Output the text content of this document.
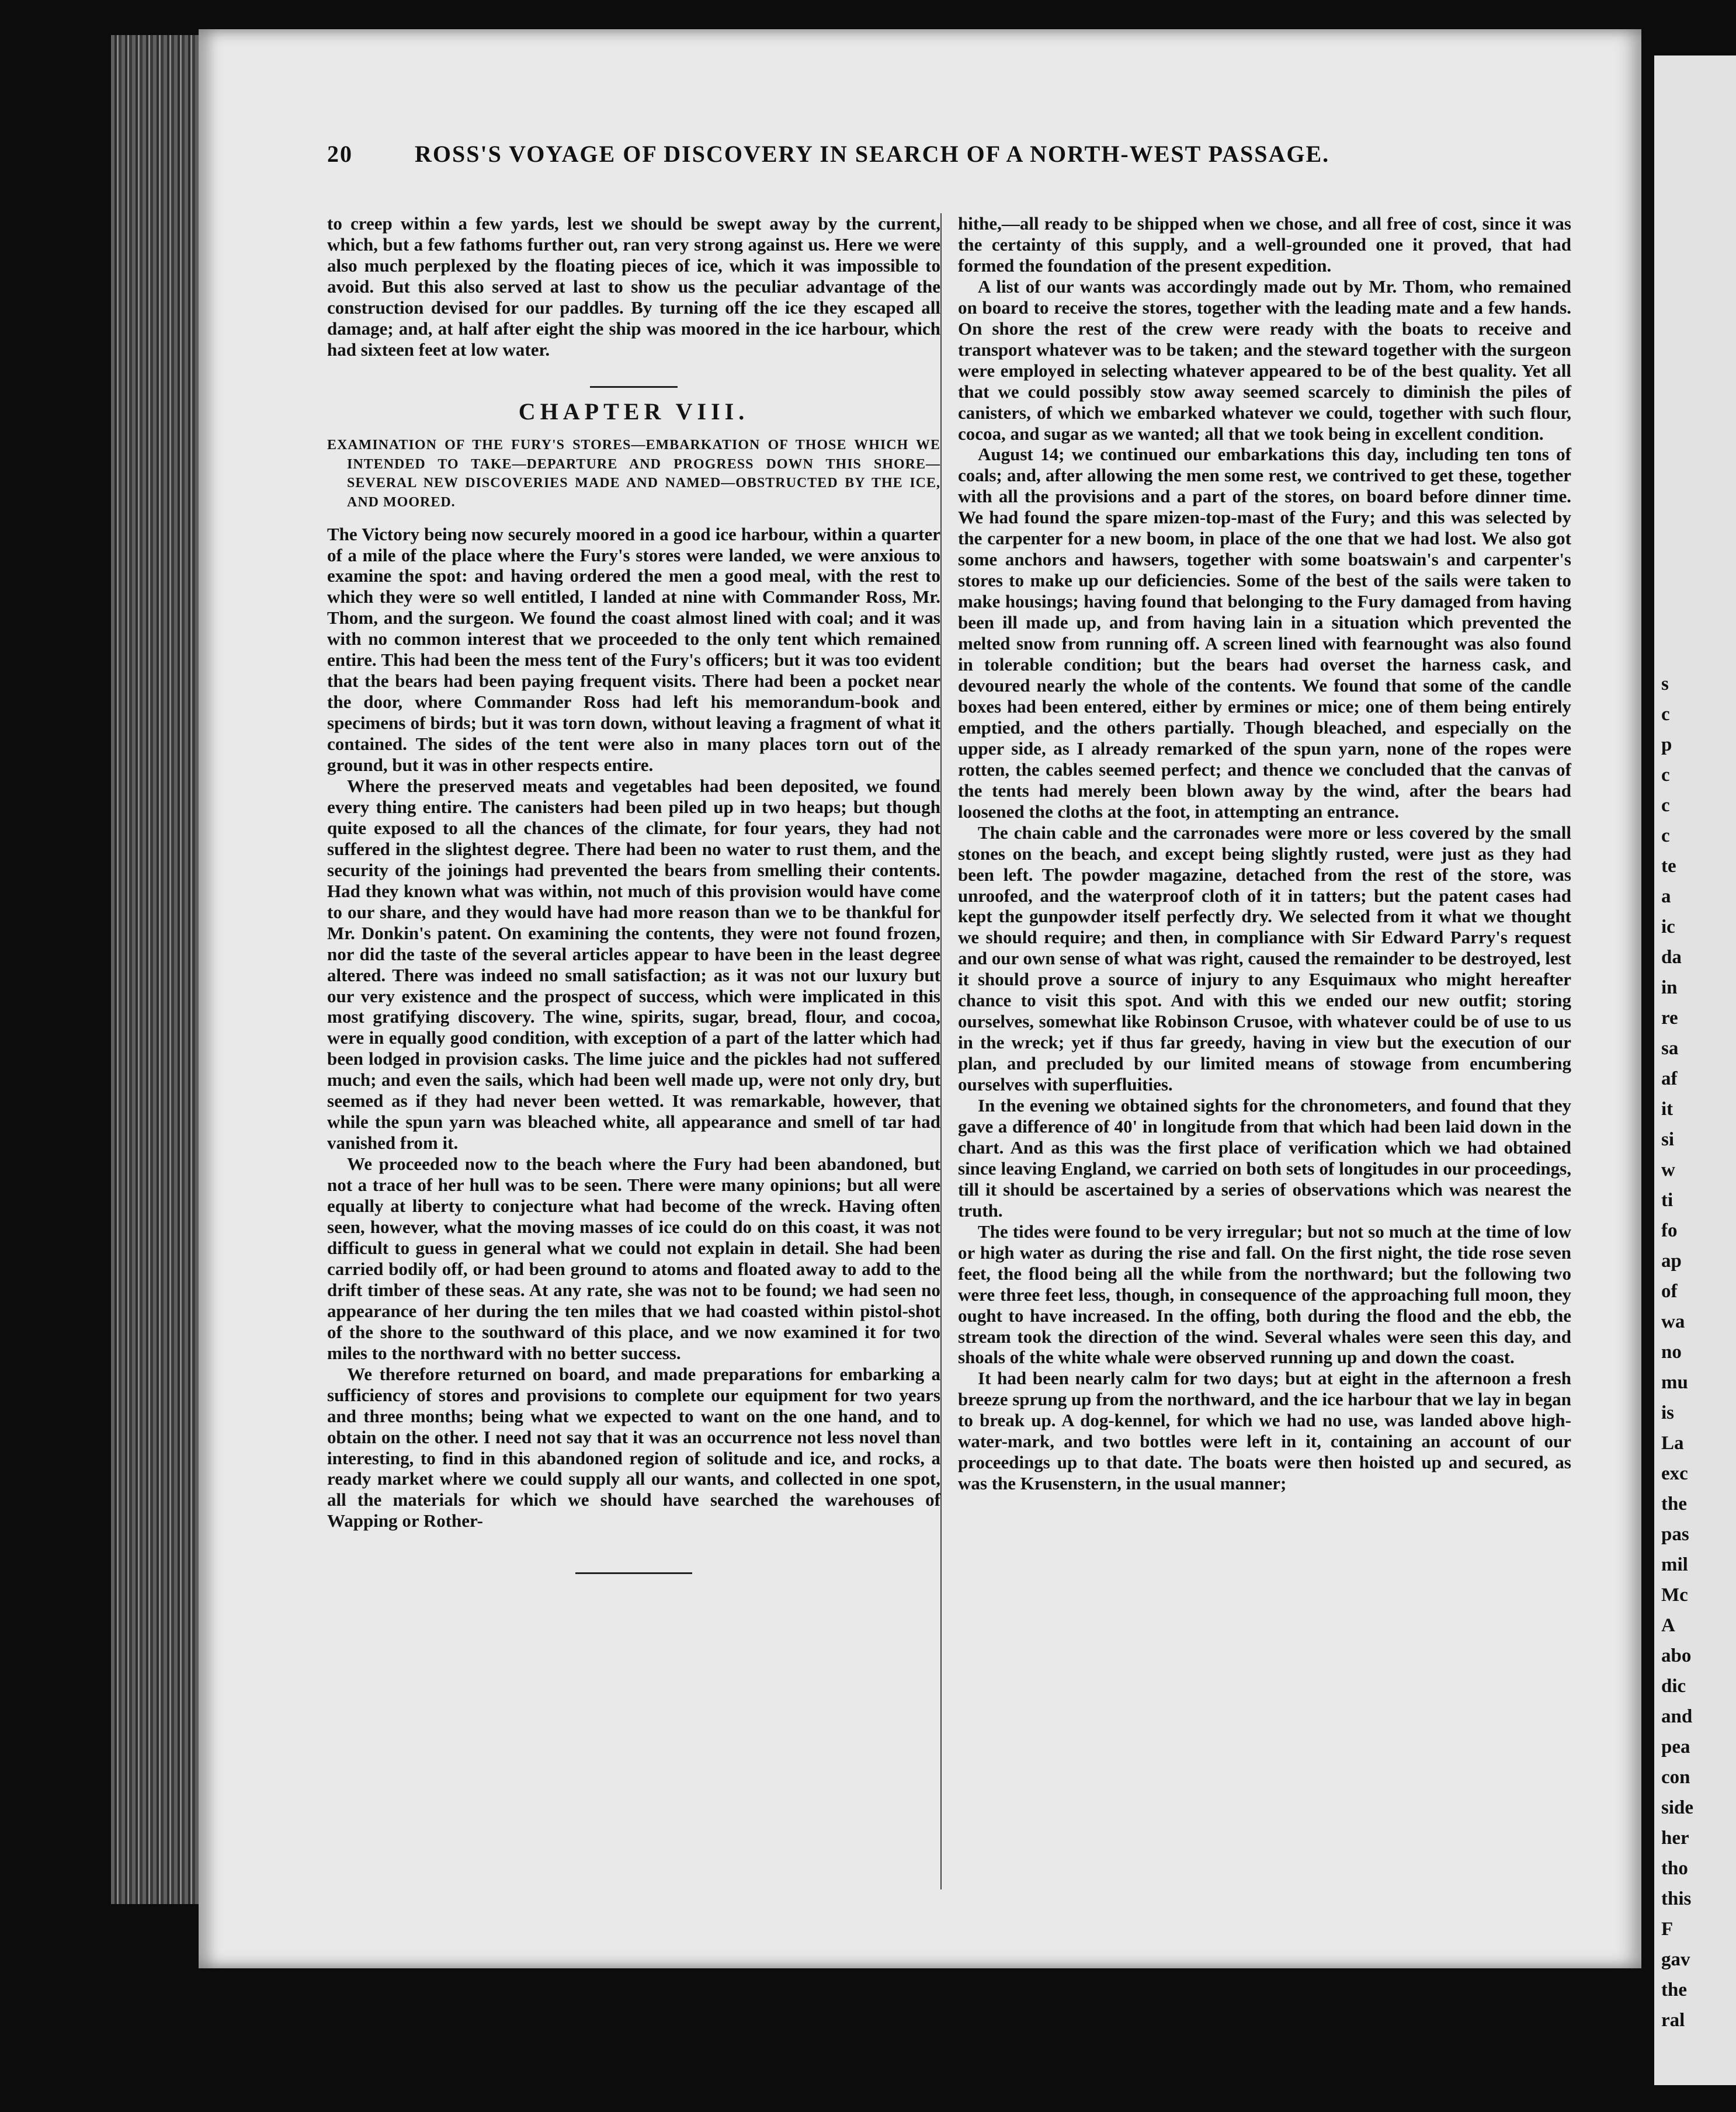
s
c
p
c
c
c
te
a
ic
da
in
re
sa
af
it
si
w
ti
fo
ap
of
wa
no
mu
is
La
exc
the
pas
mil
Mc
A
abo
dic
and
pea
con
side
her
tho
this
F
gav
the
ral
20	ROSS'S VOYAGE OF DISCOVERY IN SEARCH OF A NORTH-WEST PASSAGE.

to creep within a few yards, lest we should be swept away by the current, which, but a few fathoms further out, ran very strong against us. Here we were also much perplexed by the floating pieces of ice, which it was impossible to avoid. But this also served at last to show us the peculiar advantage of the construction devised for our paddles. By turning off the ice they escaped all damage; and, at half after eight the ship was moored in the ice harbour, which had sixteen feet at low water.

CHAPTER VIII.
EXAMINATION OF THE FURY'S STORES—EMBARKATION OF THOSE WHICH WE INTENDED TO TAKE—DEPARTURE AND PROGRESS DOWN THIS SHORE—SEVERAL NEW DISCOVERIES MADE AND NAMED—OBSTRUCTED BY THE ICE, AND MOORED.

The Victory being now securely moored in a good ice harbour, within a quarter of a mile of the place where the Fury's stores were landed, we were anxious to examine the spot: and having ordered the men a good meal, with the rest to which they were so well entitled, I landed at nine with Commander Ross, Mr. Thom, and the surgeon. We found the coast almost lined with coal; and it was with no common interest that we proceeded to the only tent which remained entire. This had been the mess tent of the Fury's officers; but it was too evident that the bears had been paying frequent visits. There had been a pocket near the door, where Commander Ross had left his memorandum-book and specimens of birds; but it was torn down, without leaving a fragment of what it contained. The sides of the tent were also in many places torn out of the ground, but it was in other respects entire.

Where the preserved meats and vegetables had been deposited, we found every thing entire. The canisters had been piled up in two heaps; but though quite exposed to all the chances of the climate, for four years, they had not suffered in the slightest degree. There had been no water to rust them, and the security of the joinings had prevented the bears from smelling their contents. Had they known what was within, not much of this provision would have come to our share, and they would have had more reason than we to be thankful for Mr. Donkin's patent. On examining the contents, they were not found frozen, nor did the taste of the several articles appear to have been in the least degree altered. There was indeed no small satisfaction; as it was not our luxury but our very existence and the prospect of success, which were implicated in this most gratifying discovery. The wine, spirits, sugar, bread, flour, and cocoa, were in equally good condition, with exception of a part of the latter which had been lodged in provision casks. The lime juice and the pickles had not suffered much; and even the sails, which had been well made up, were not only dry, but seemed as if they had never been wetted. It was remarkable, however, that while the spun yarn was bleached white, all appearance and smell of tar had vanished from it.

We proceeded now to the beach where the Fury had been abandoned, but not a trace of her hull was to be seen. There were many opinions; but all were equally at liberty to conjecture what had become of the wreck. Having often seen, however, what the moving masses of ice could do on this coast, it was not difficult to guess in general what we could not explain in detail. She had been carried bodily off, or had been ground to atoms and floated away to add to the drift timber of these seas. At any rate, she was not to be found; we had seen no appearance of her during the ten miles that we had coasted within pistol-shot of the shore to the southward of this place, and we now examined it for two miles to the northward with no better success.

We therefore returned on board, and made preparations for embarking a sufficiency of stores and provisions to complete our equipment for two years and three months; being what we expected to want on the one hand, and to obtain on the other. I need not say that it was an occurrence not less novel than interesting, to find in this abandoned region of solitude and ice, and rocks, a ready market where we could supply all our wants, and collected in one spot, all the materials for which we should have searched the warehouses of Wapping or Rother-

hithe,—all ready to be shipped when we chose, and all free of cost, since it was the certainty of this supply, and a well-grounded one it proved, that had formed the foundation of the present expedition.

A list of our wants was accordingly made out by Mr. Thom, who remained on board to receive the stores, together with the leading mate and a few hands. On shore the rest of the crew were ready with the boats to receive and transport whatever was to be taken; and the steward together with the surgeon were employed in selecting whatever appeared to be of the best quality. Yet all that we could possibly stow away seemed scarcely to diminish the piles of canisters, of which we embarked whatever we could, together with such flour, cocoa, and sugar as we wanted; all that we took being in excellent condition.

August 14; we continued our embarkations this day, including ten tons of coals; and, after allowing the men some rest, we contrived to get these, together with all the provisions and a part of the stores, on board before dinner time. We had found the spare mizen-top-mast of the Fury; and this was selected by the carpenter for a new boom, in place of the one that we had lost. We also got some anchors and hawsers, together with some boatswain's and carpenter's stores to make up our deficiencies. Some of the best of the sails were taken to make housings; having found that belonging to the Fury damaged from having been ill made up, and from having lain in a situation which prevented the melted snow from running off. A screen lined with fearnought was also found in tolerable condition; but the bears had overset the harness cask, and devoured nearly the whole of the contents. We found that some of the candle boxes had been entered, either by ermines or mice; one of them being entirely emptied, and the others partially. Though bleached, and especially on the upper side, as I already remarked of the spun yarn, none of the ropes were rotten, the cables seemed perfect; and thence we concluded that the canvas of the tents had merely been blown away by the wind, after the bears had loosened the cloths at the foot, in attempting an entrance.

The chain cable and the carronades were more or less covered by the small stones on the beach, and except being slightly rusted, were just as they had been left. The powder magazine, detached from the rest of the store, was unroofed, and the waterproof cloth of it in tatters; but the patent cases had kept the gunpowder itself perfectly dry. We selected from it what we thought we should require; and then, in compliance with Sir Edward Parry's request and our own sense of what was right, caused the remainder to be destroyed, lest it should prove a source of injury to any Esquimaux who might hereafter chance to visit this spot. And with this we ended our new outfit; storing ourselves, somewhat like Robinson Crusoe, with whatever could be of use to us in the wreck; yet if thus far greedy, having in view but the execution of our plan, and precluded by our limited means of stowage from encumbering ourselves with superfluities.

In the evening we obtained sights for the chronometers, and found that they gave a difference of 40' in longitude from that which had been laid down in the chart. And as this was the first place of verification which we had obtained since leaving England, we carried on both sets of longitudes in our proceedings, till it should be ascertained by a series of observations which was nearest the truth.

The tides were found to be very irregular; but not so much at the time of low or high water as during the rise and fall. On the first night, the tide rose seven feet, the flood being all the while from the northward; but the following two were three feet less, though, in consequence of the approaching full moon, they ought to have increased. In the offing, both during the flood and the ebb, the stream took the direction of the wind. Several whales were seen this day, and shoals of the white whale were observed running up and down the coast.

It had been nearly calm for two days; but at eight in the afternoon a fresh breeze sprung up from the northward, and the ice harbour that we lay in began to break up. A dog-kennel, for which we had no use, was landed above high-water-mark, and two bottles were left in it, containing an account of our proceedings up to that date. The boats were then hoisted up and secured, as was the Krusenstern, in the usual manner;
